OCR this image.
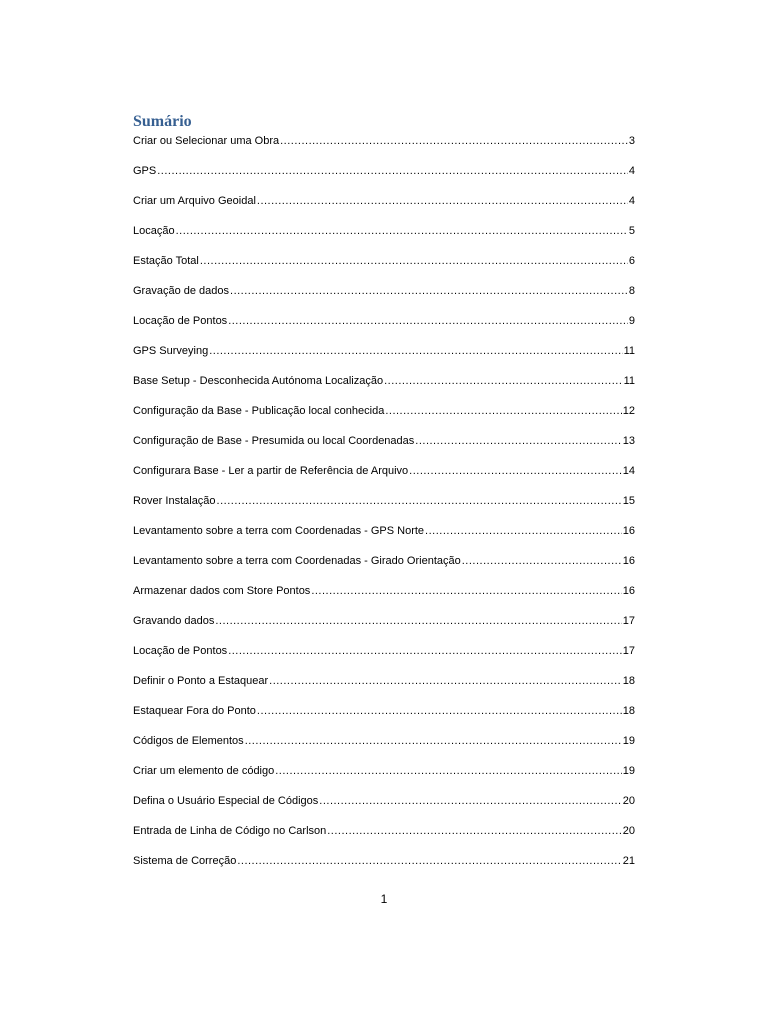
Sumário
Criar ou Selecionar uma Obra .....	3
GPS .....	4
Criar um Arquivo Geoidal .....	4
Locação .....	5
Estação Total .....	6
Gravação de dados .....	8
Locação de Pontos .....	9
GPS Surveying .....	11
Base Setup - Desconhecida Autónoma Localização .....	11
Configuração da Base - Publicação local conhecida .....	12
Configuração de Base - Presumida ou local Coordenadas .....	13
Configurara Base - Ler a partir de Referência de Arquivo .....	14
Rover Instalação .....	15
Levantamento sobre a terra com Coordenadas - GPS Norte .....	16
Levantamento sobre a terra com Coordenadas - Girado Orientação .....	16
Armazenar dados com Store Pontos .....	16
Gravando dados .....	17
Locação de Pontos .....	17
Definir o Ponto a Estaquear .....	18
Estaquear Fora do Ponto .....	18
Códigos de Elementos .....	19
Criar um elemento de código .....	19
Defina o Usuário Especial de Códigos .....	20
Entrada de Linha de Código no Carlson .....	20
Sistema de Correção .....	21
1
